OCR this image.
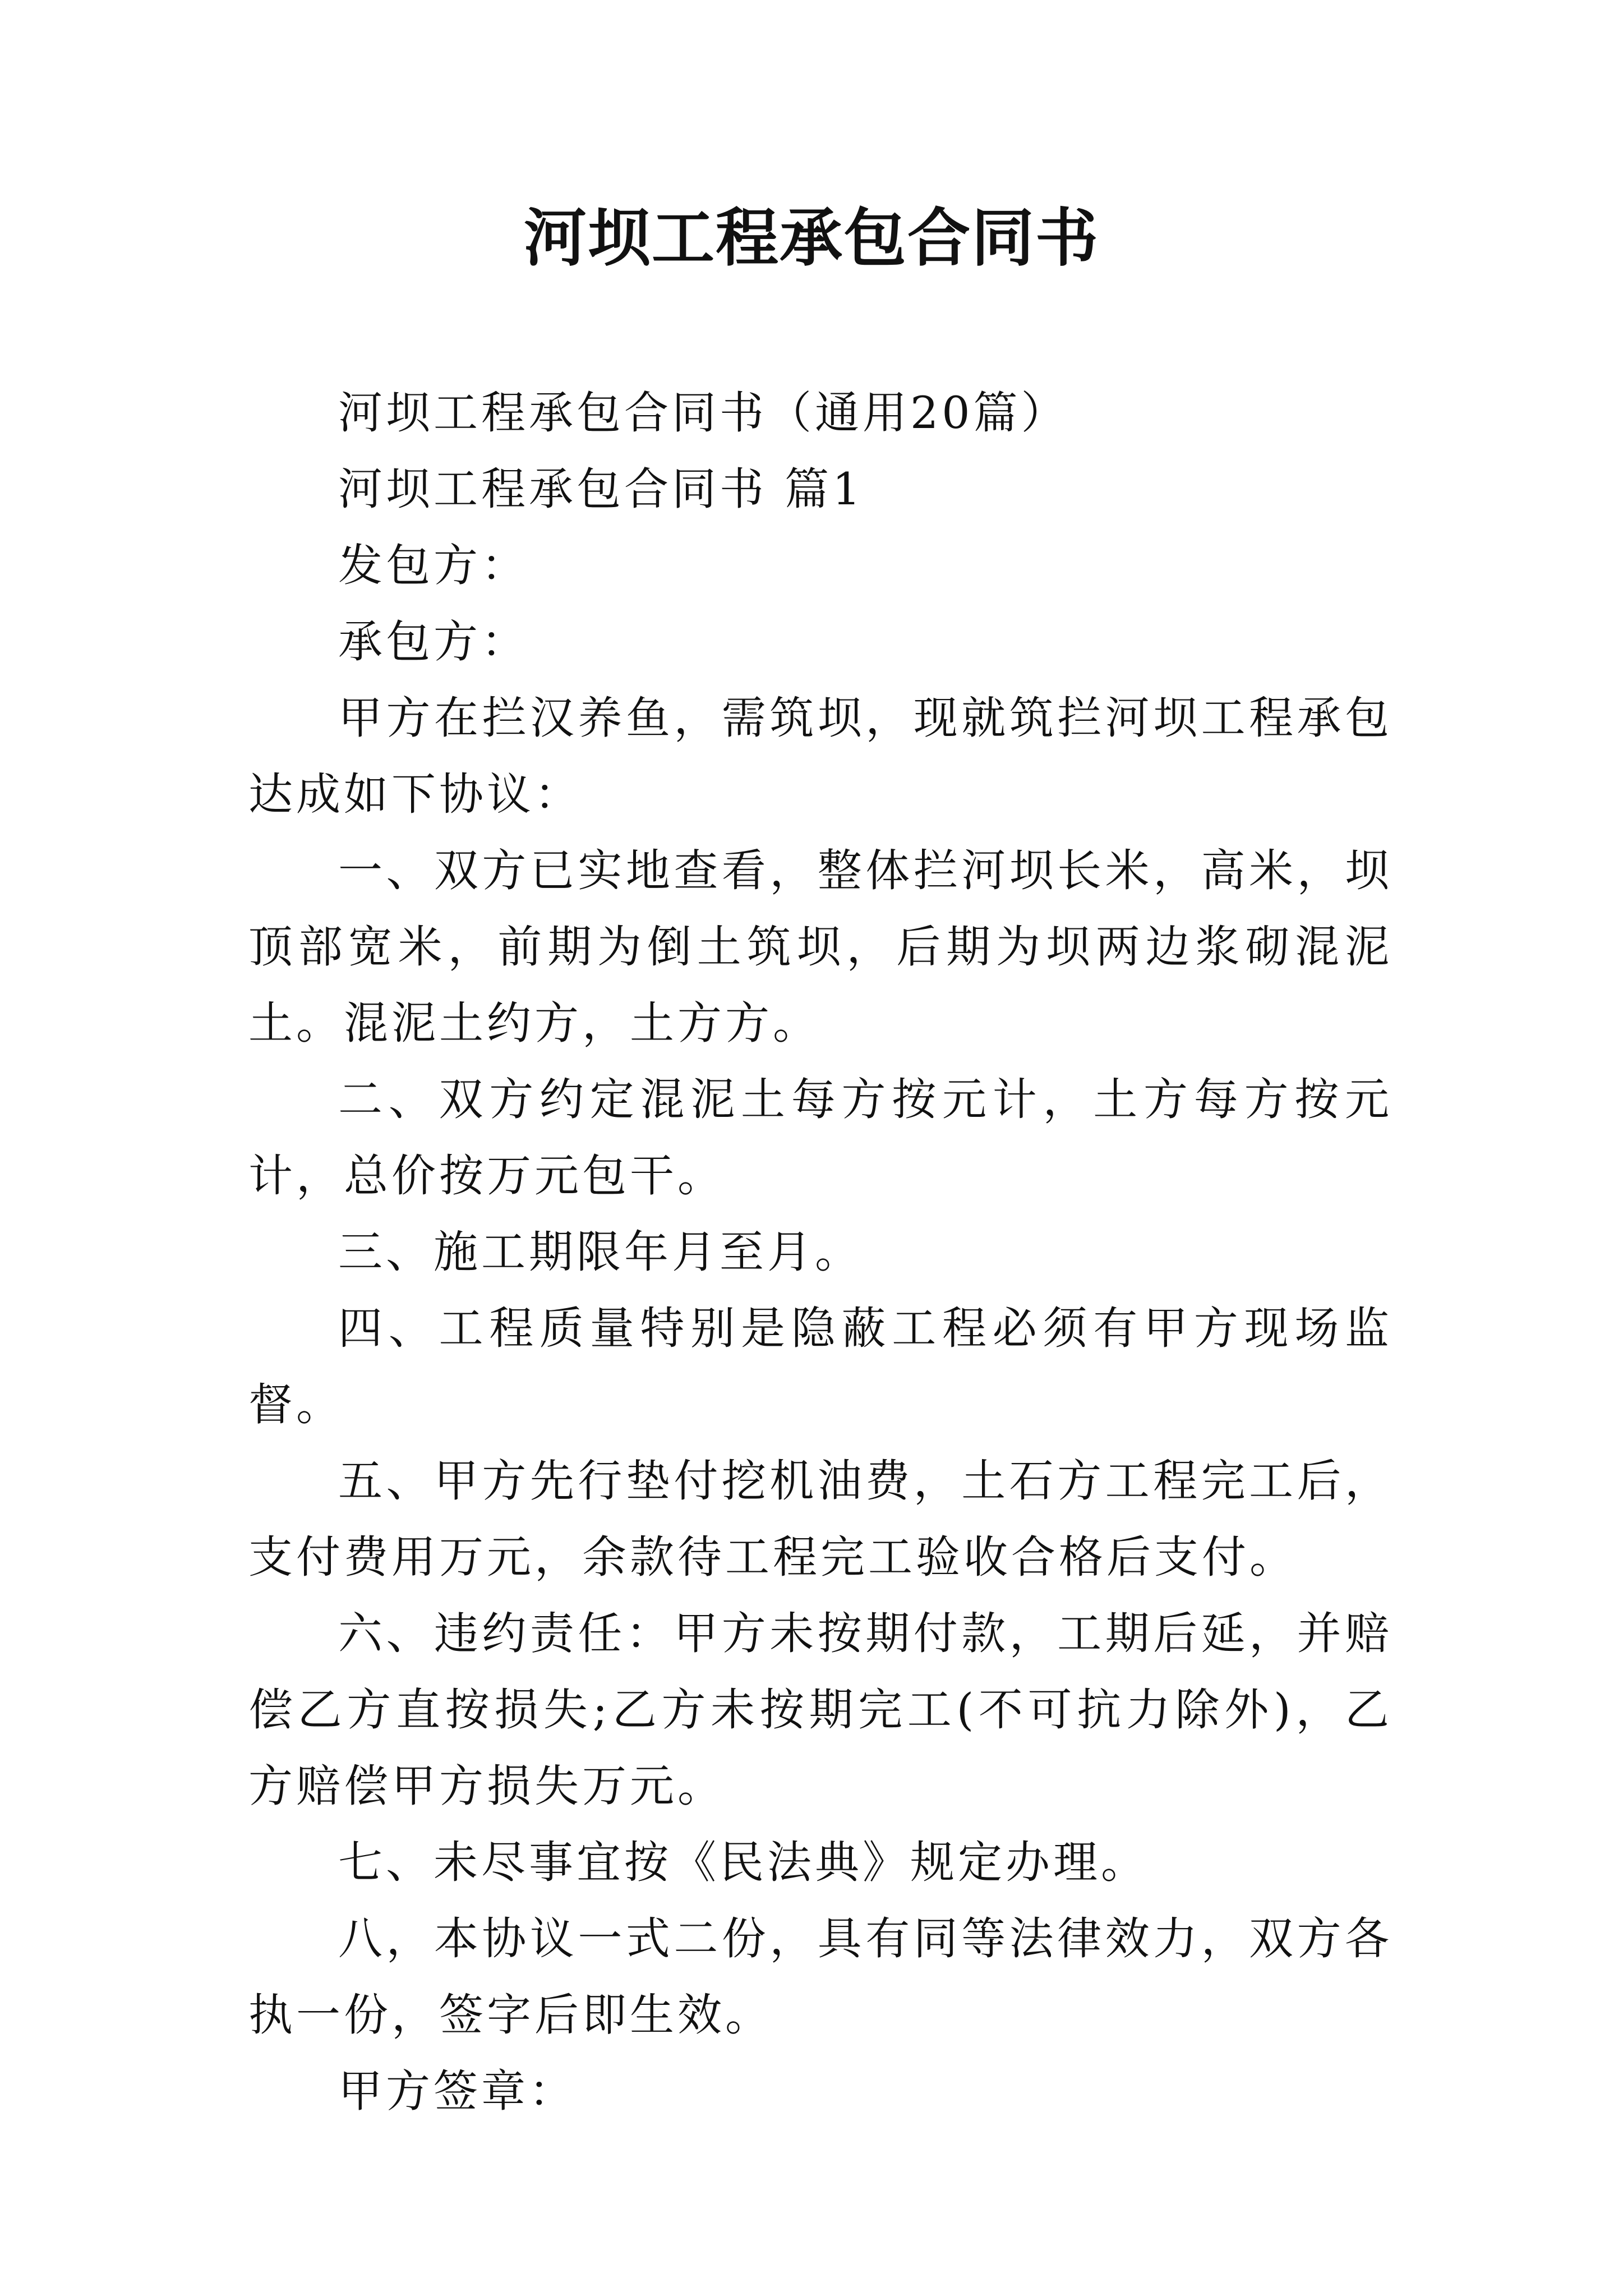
河坝工程承包合同书

河坝工程承包合同书（通用20篇）

河坝工程承包合同书 篇1

发包方：

承包方：

甲方在拦汉养鱼，需筑坝，现就筑拦河坝工程承包达成如下协议：

一、双方已实地查看，整体拦河坝长米，高米，坝顶部宽米，前期为倒土筑坝，后期为坝两边浆砌混泥土。混泥土约方，土方方。

二、双方约定混泥土每方按元计，土方每方按元计，总价按万元包干。

三、施工期限年月至月。

四、工程质量特别是隐蔽工程必须有甲方现场监督。

五、甲方先行垫付挖机油费，土石方工程完工后，支付费用万元，余款待工程完工验收合格后支付。

六、违约责任：甲方未按期付款，工期后延，并赔偿乙方直按损失;乙方未按期完工(不可抗力除外)，乙方赔偿甲方损失万元。

七、未尽事宜按《民法典》规定办理。

八，本协议一式二份，具有同等法律效力，双方各执一份，签字后即生效。

甲方签章：
